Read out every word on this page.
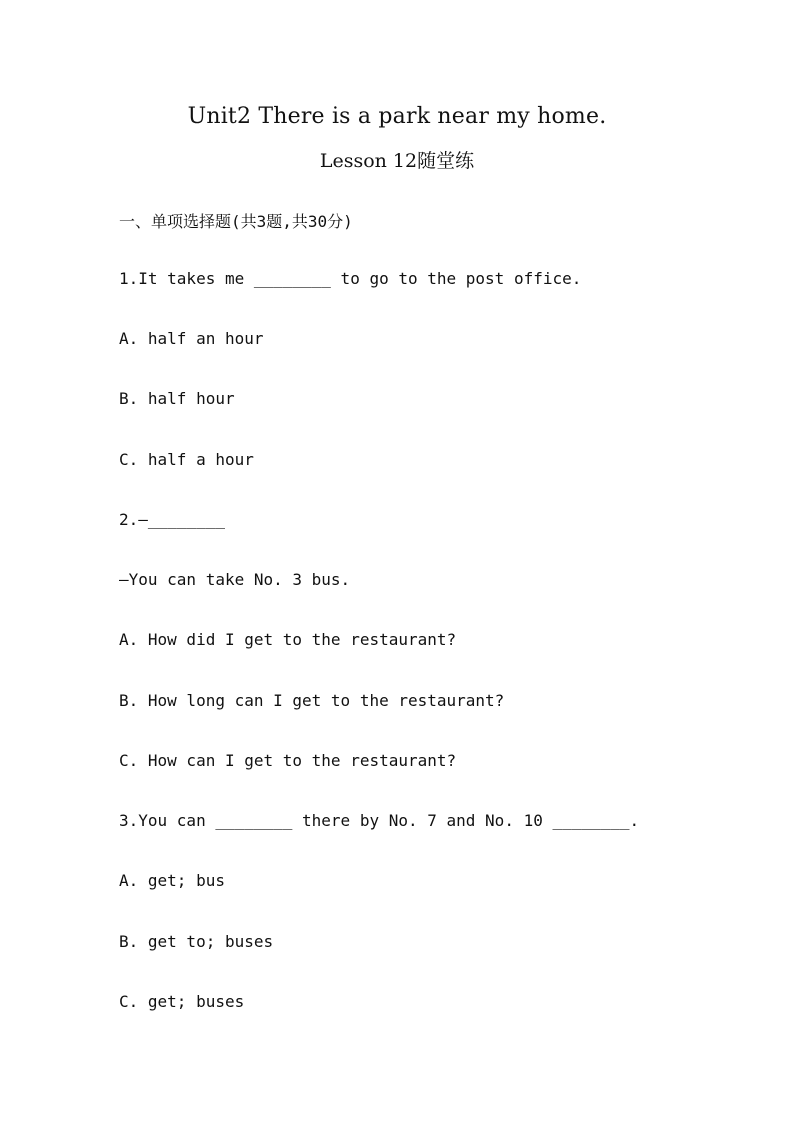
Unit2 There is a park near my home.
Lesson 12随堂练
一、单项选择题(共3题,共30分)
1.It takes me ________ to go to the post office.
A. half an hour
B. half hour
C. half a hour
2.—________
—You can take No. 3 bus.
A. How did I get to the restaurant?
B. How long can I get to the restaurant?
C. How can I get to the restaurant?
3.You can ________ there by No. 7 and No. 10 ________.
A. get; bus
B. get to; buses
C. get; buses
